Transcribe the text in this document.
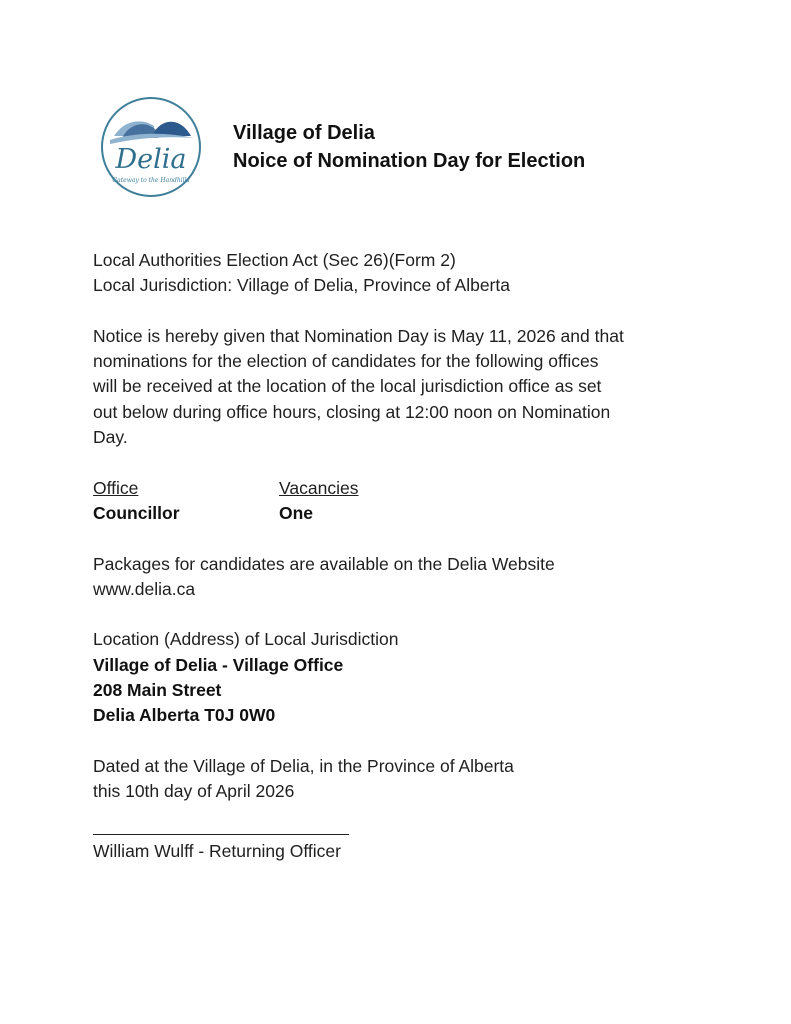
Delia
Gateway to the Handhills
Village of Delia
Noice of Nomination Day for Election
Local Authorities Election Act (Sec 26)(Form 2)
Local Jurisdiction: Village of Delia, Province of Alberta
Notice is hereby given that Nomination Day is May 11, 2026 and that
nominations for the election of candidates for the following offices
will be received at the location of the local jurisdiction office as set
out below during office hours, closing at 12:00 noon on Nomination
Day.
Office	Vacancies
Councillor	One
Packages for candidates are available on the Delia Website
www.delia.ca
Location (Address) of Local Jurisdiction
Village of Delia - Village Office
208 Main Street
Delia Alberta T0J 0W0
Dated at the Village of Delia, in the Province of Alberta
this 10th day of April 2026
William Wulff - Returning Officer
